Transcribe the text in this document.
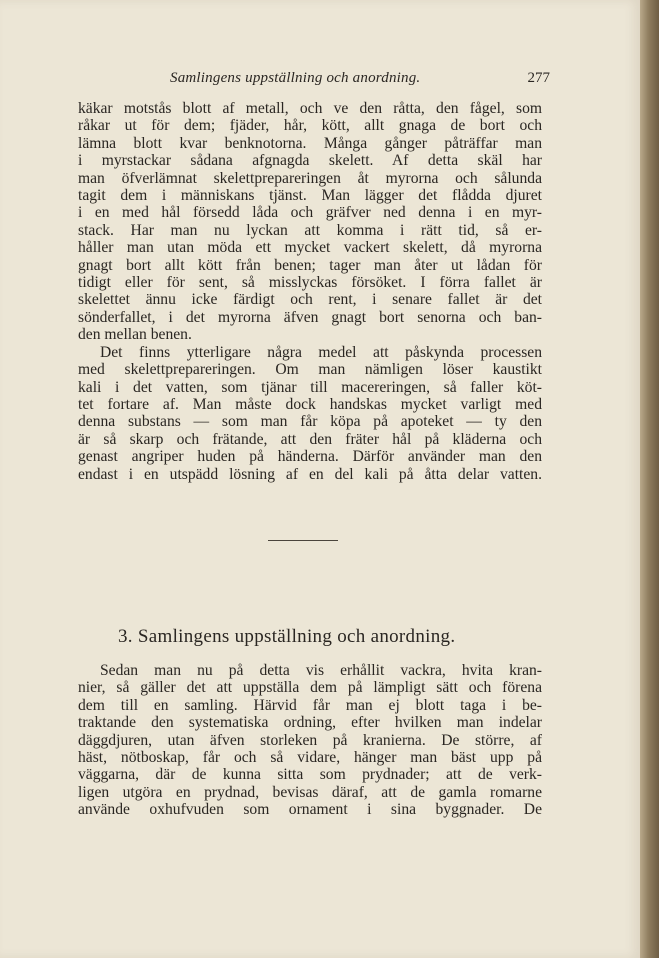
Samlingens uppställning och anordning.	277
käkar motstås blott af metall, och ve den råtta, den fågel, som
råkar ut för dem; fjäder, hår, kött, allt gnaga de bort och
lämna blott kvar benknotorna. Många gånger påträffar man
i myrstackar sådana afgnagda skelett. Af detta skäl har
man öfverlämnat skelettprepareringen åt myrorna och sålunda
tagit dem i människans tjänst. Man lägger det flådda djuret
i en med hål försedd låda och gräfver ned denna i en myr-
stack. Har man nu lyckan att komma i rätt tid, så er-
håller man utan möda ett mycket vackert skelett, då myrorna
gnagt bort allt kött från benen; tager man åter ut lådan för
tidigt eller för sent, så misslyckas försöket. I förra fallet är
skelettet ännu icke färdigt och rent, i senare fallet är det
sönderfallet, i det myrorna äfven gnagt bort senorna och ban-
den mellan benen.
Det finns ytterligare några medel att påskynda processen
med skelettprepareringen. Om man nämligen löser kaustikt
kali i det vatten, som tjänar till macereringen, så faller köt-
tet fortare af. Man måste dock handskas mycket varligt med
denna substans — som man får köpa på apoteket — ty den
är så skarp och frätande, att den fräter hål på kläderna och
genast angriper huden på händerna. Därför använder man den
endast i en utspädd lösning af en del kali på åtta delar vatten.
3. Samlingens uppställning och anordning.
Sedan man nu på detta vis erhållit vackra, hvita kran-
nier, så gäller det att uppställa dem på lämpligt sätt och förena
dem till en samling. Härvid får man ej blott taga i be-
traktande den systematiska ordning, efter hvilken man indelar
däggdjuren, utan äfven storleken på kranierna. De större, af
häst, nötboskap, får och så vidare, hänger man bäst upp på
väggarna, där de kunna sitta som prydnader; att de verk-
ligen utgöra en prydnad, bevisas däraf, att de gamla romarne
använde oxhufvuden som ornament i sina byggnader. De
